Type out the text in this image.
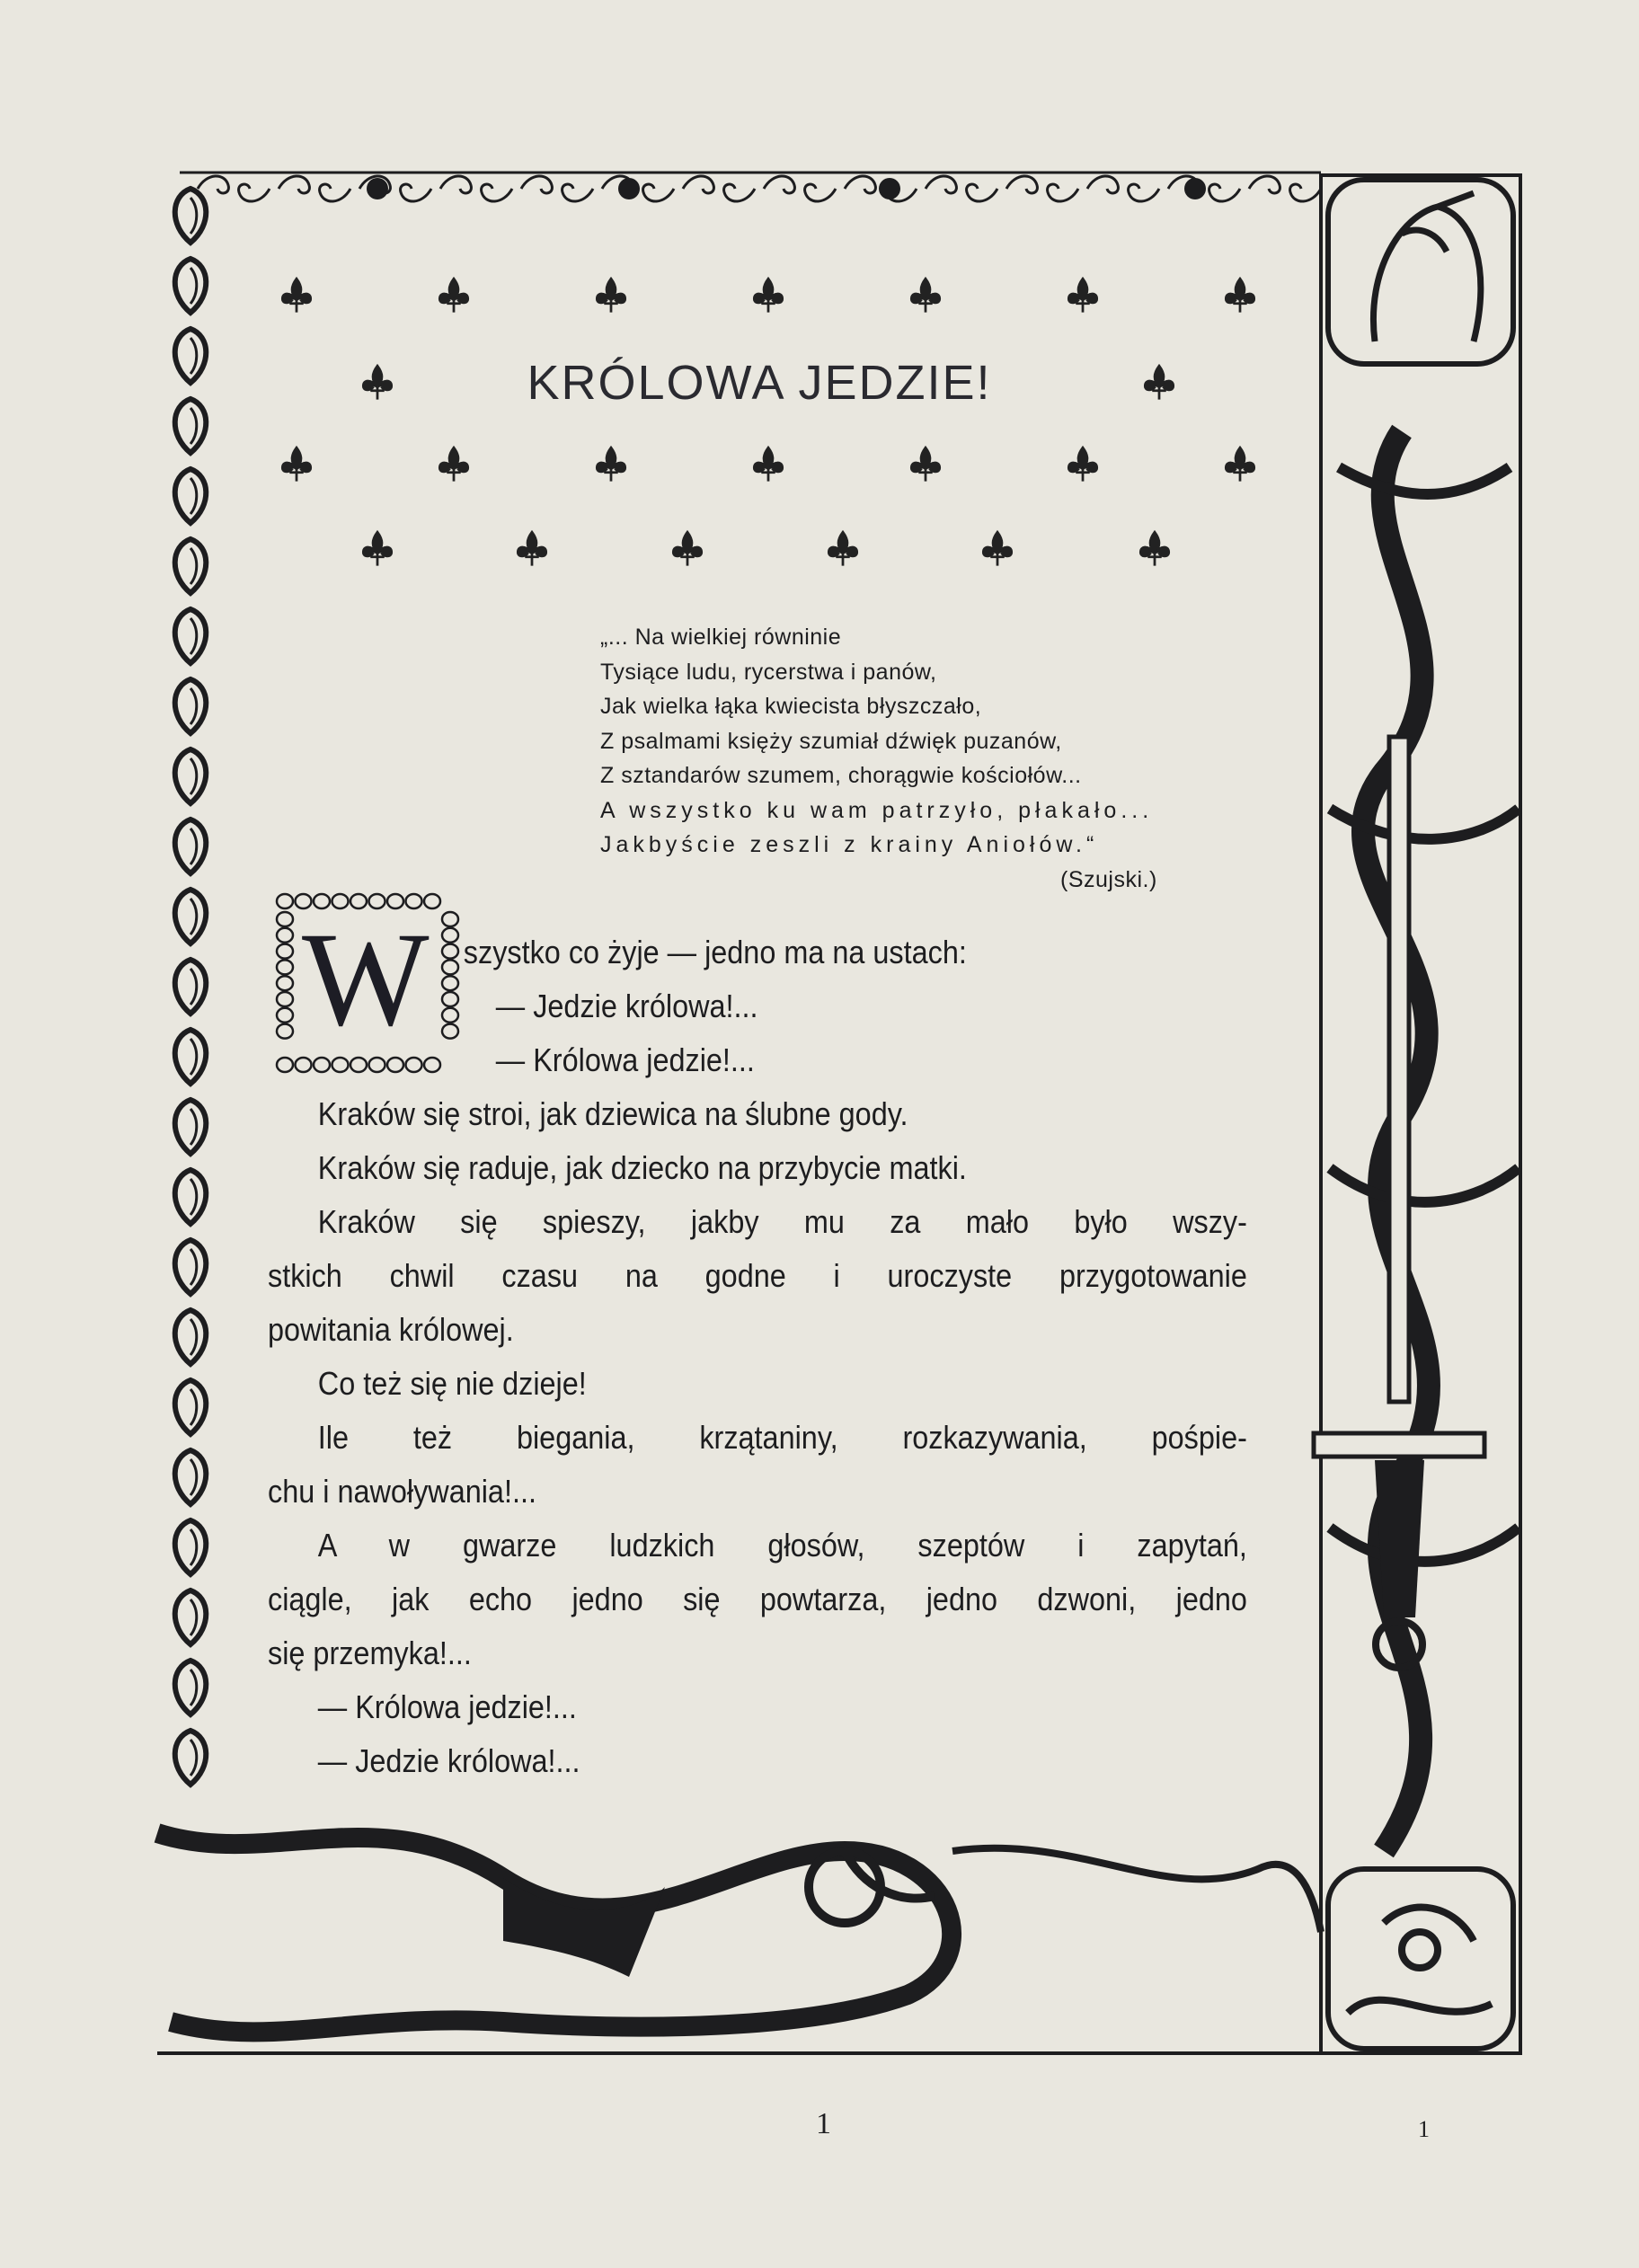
KRÓLOWA JEDZIE!
„... Na wielkiej równinie
Tysiące ludu, rycerstwa i panów,
Jak wielka łąka kwiecista błyszczało,
Z psalmami księży szumiał dźwięk puzanów,
Z sztandarów szumem, chorągwie kościołów...
A wszystko ku wam patrzyło, płakało...
Jakbyście zeszli z krainy Aniołów.“
(Szujski.)
W	szystko co żyje — jedno ma na ustach:
— Jedzie królowa!...
— Królowa jedzie!...
Kraków się stroi, jak dziewica na ślubne gody.
Kraków się raduje, jak dziecko na przybycie matki.
Kraków się spieszy, jakby mu za mało było wszy-
stkich chwil czasu na godne i uroczyste przygotowanie
powitania królowej.
Co też się nie dzieje!
Ile też biegania, krzątaniny, rozkazywania, pośpie-
chu i nawoływania!...
A w gwarze ludzkich głosów, szeptów i zapytań,
ciągle, jak echo jedno się powtarza, jedno dzwoni, jedno
się przemyka!...
— Królowa jedzie!...
— Jedzie królowa!...
1	1
